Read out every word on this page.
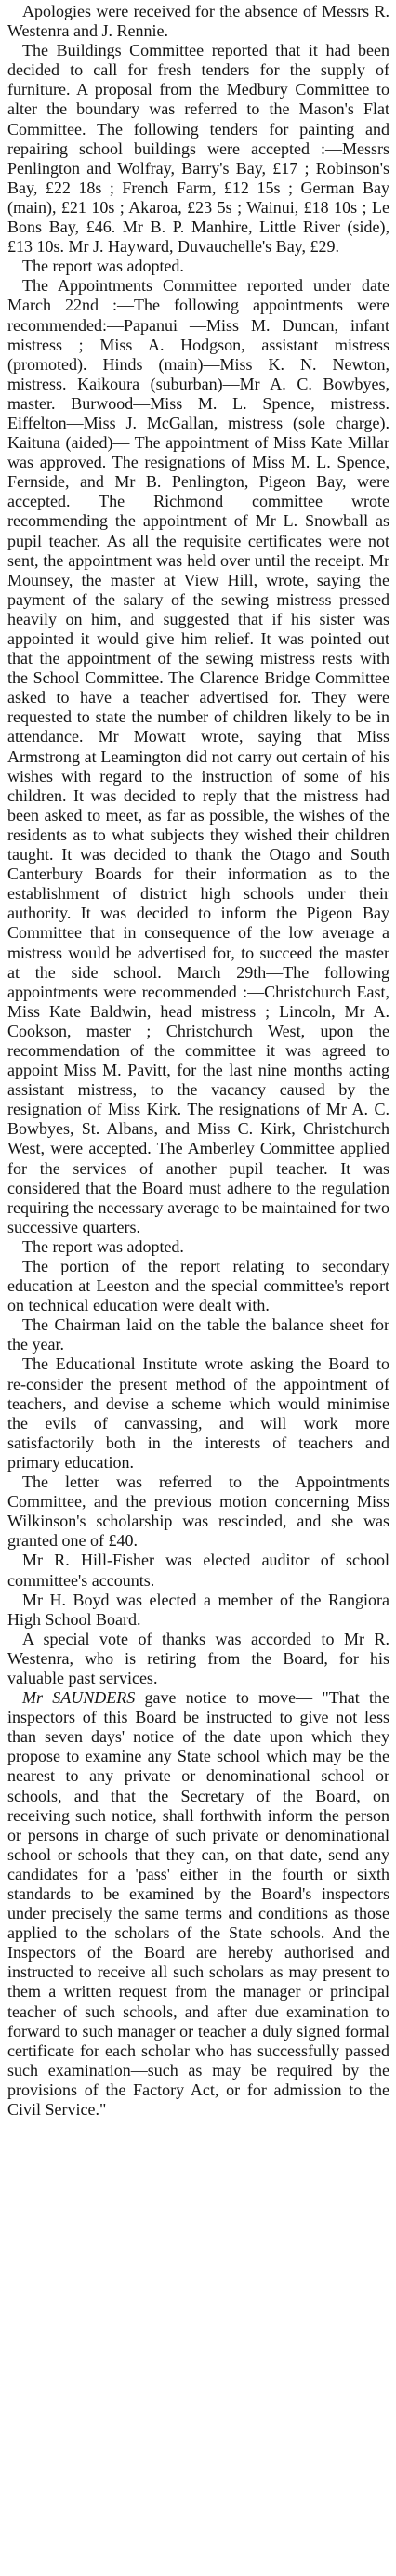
Apologies were received for the absence of Messrs R. Westenra and J. Rennie.

The Buildings Committee reported that it had been decided to call for fresh tenders for the supply of furniture. A proposal from the Medbury Committee to alter the boundary was referred to the Mason's Flat Committee. The following tenders for painting and repairing school buildings were accepted :—Messrs Penlington and Wolfray, Barry's Bay, £17 ; Robinson's Bay, £22 18s ; French Farm, £12 15s ; German Bay (main), £21 10s ; Akaroa, £23 5s ; Wainui, £18 10s ; Le Bons Bay, £46. Mr B. P. Manhire, Little River (side), £13 10s. Mr J. Hayward, Duvauchelle's Bay, £29.

The report was adopted.

The Appointments Committee reported under date March 22nd :—The following appointments were recommended:—Papanui —Miss M. Duncan, infant mistress ; Miss A. Hodgson, assistant mistress (promoted). Hinds (main)—Miss K. N. Newton, mistress. Kaikoura (suburban)—Mr A. C. Bowbyes, master. Burwood—Miss M. L. Spence, mistress. Eiffelton—Miss J. McGallan, mistress (sole charge). Kaituna (aided)— The appointment of Miss Kate Millar was approved. The resignations of Miss M. L. Spence, Fernside, and Mr B. Penlington, Pigeon Bay, were accepted. The Richmond committee wrote recommending the appointment of Mr L. Snowball as pupil teacher. As all the requisite certificates were not sent, the appointment was held over until the receipt. Mr Mounsey, the master at View Hill, wrote, saying the payment of the salary of the sewing mistress pressed heavily on him, and suggested that if his sister was appointed it would give him relief. It was pointed out that the appointment of the sewing mistress rests with the School Committee. The Clarence Bridge Committee asked to have a teacher advertised for. They were requested to state the number of children likely to be in attendance. Mr Mowatt wrote, saying that Miss Armstrong at Leamington did not carry out certain of his wishes with regard to the instruction of some of his children. It was decided to reply that the mistress had been asked to meet, as far as possible, the wishes of the residents as to what subjects they wished their children taught. It was decided to thank the Otago and South Canterbury Boards for their information as to the establishment of district high schools under their authority. It was decided to inform the Pigeon Bay Committee that in consequence of the low average a mistress would be advertised for, to succeed the master at the side school. March 29th—The following appointments were recommended :—Christchurch East, Miss Kate Baldwin, head mistress ; Lincoln, Mr A. Cookson, master ; Christchurch West, upon the recommendation of the committee it was agreed to appoint Miss M. Pavitt, for the last nine months acting assistant mistress, to the vacancy caused by the resignation of Miss Kirk. The resignations of Mr A. C. Bowbyes, St. Albans, and Miss C. Kirk, Christchurch West, were accepted. The Amberley Committee applied for the services of another pupil teacher. It was considered that the Board must adhere to the regulation requiring the necessary average to be maintained for two successive quarters.

The report was adopted.

The portion of the report relating to secondary education at Leeston and the special committee's report on technical education were dealt with.

The Chairman laid on the table the balance sheet for the year.

The Educational Institute wrote asking the Board to re-consider the present method of the appointment of teachers, and devise a scheme which would minimise the evils of canvassing, and will work more satisfactorily both in the interests of teachers and primary education.

The letter was referred to the Appointments Committee, and the previous motion concerning Miss Wilkinson's scholarship was rescinded, and she was granted one of £40.

Mr R. Hill-Fisher was elected auditor of school committee's accounts.

Mr H. Boyd was elected a member of the Rangiora High School Board.

A special vote of thanks was accorded to Mr R. Westenra, who is retiring from the Board, for his valuable past services.

Mr SAUNDERS gave notice to move— "That the inspectors of this Board be instructed to give not less than seven days' notice of the date upon which they propose to examine any State school which may be the nearest to any private or denominational school or schools, and that the Secretary of the Board, on receiving such notice, shall forthwith inform the person or persons in charge of such private or denominational school or schools that they can, on that date, send any candidates for a 'pass' either in the fourth or sixth standards to be examined by the Board's inspectors under precisely the same terms and conditions as those applied to the scholars of the State schools. And the Inspectors of the Board are hereby authorised and instructed to receive all such scholars as may present to them a written request from the manager or principal teacher of such schools, and after due examination to forward to such manager or teacher a duly signed formal certificate for each scholar who has successfully passed such examination—such as may be required by the provisions of the Factory Act, or for admission to the Civil Service."
